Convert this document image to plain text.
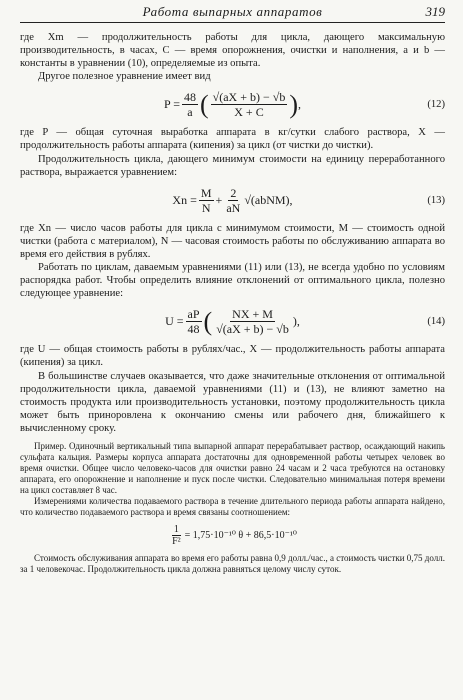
Работа выпарных аппаратов	319

где Xm — продолжительность работы для цикла, дающего максимальную производительность, в часах, C — время опорожнения, очистки и наполнения, a и b — константы в уравнении (10), определяемые из опыта.

Другое полезное уравнение имеет вид

$P = \frac{48}{a}$ ( $\frac{√(aX + b) - √b}{X + C}$ ) ,	(12)

где P — общая суточная выработка аппарата в кг/сутки слабого раствора, X — продолжительность работы аппарата (кипения) за цикл (от чистки до чистки).

Продолжительность цикла, дающего минимум стоимости на единицу переработанного раствора, выражается уравнением:

$Xn = \frac{M}{N} + \frac{2}{aN}$ √(abNM),	(13)

где Xn — число часов работы для цикла с минимумом стоимости, M — стоимость одной чистки (работа с материалом), N — часовая стоимость работы по обслуживанию аппарата во время его действия в рублях.

Работать по циклам, даваемым уравнениями (11) или (13), не всегда удобно по условиям распорядка работ. Чтобы определить влияние отклонений от оптимального цикла, полезно следующее уравнение:

$U = \frac{aP}{48}$ ( $\frac{NX + M}{√(aX + b) - √b}$ ),	(14)

где U — общая стоимость работы в рублях/час., X — продолжительность работы аппарата (кипения) за цикл.

В большинстве случаев оказывается, что даже значительные отклонения от оптимальной продолжительности цикла, даваемой уравнениями (11) и (13), не влияют заметно на стоимость продукта или производительность установки, поэтому продолжительность цикла может быть приноровлена к окончанию смены или рабочего дня, ближайшего к вычисленному сроку.

Пример. Одиночный вертикальный типа выпарной аппарат перерабатывает раствор, осаждающий накипь сульфата кальция. Размеры корпуса аппарата достаточны для одновременной работы четырех человек во время очистки. Общее число человеко-часов для очистки равно 24 часам и 2 часа требуются на остановку аппарата, его опорожнение и наполнение и пуск после чистки. Следовательно минимальная потеря времени на цикл составляет 8 час.

Измерениями количества подаваемого раствора в течение длительного периода работы аппарата найдено, что количество подаваемого раствора и время связаны соотношением:

$\frac{1}{\text{F²}} = 1,75\cdot 10^{-10}$ θ + 86,5·10⁻¹⁰

Стоимость обслуживания аппарата во время его работы равна 0,9 долл./час., а стоимость чистки 0,75 долл. за 1 человекочас. Продолжительность цикла должна равняться целому числу суток.
